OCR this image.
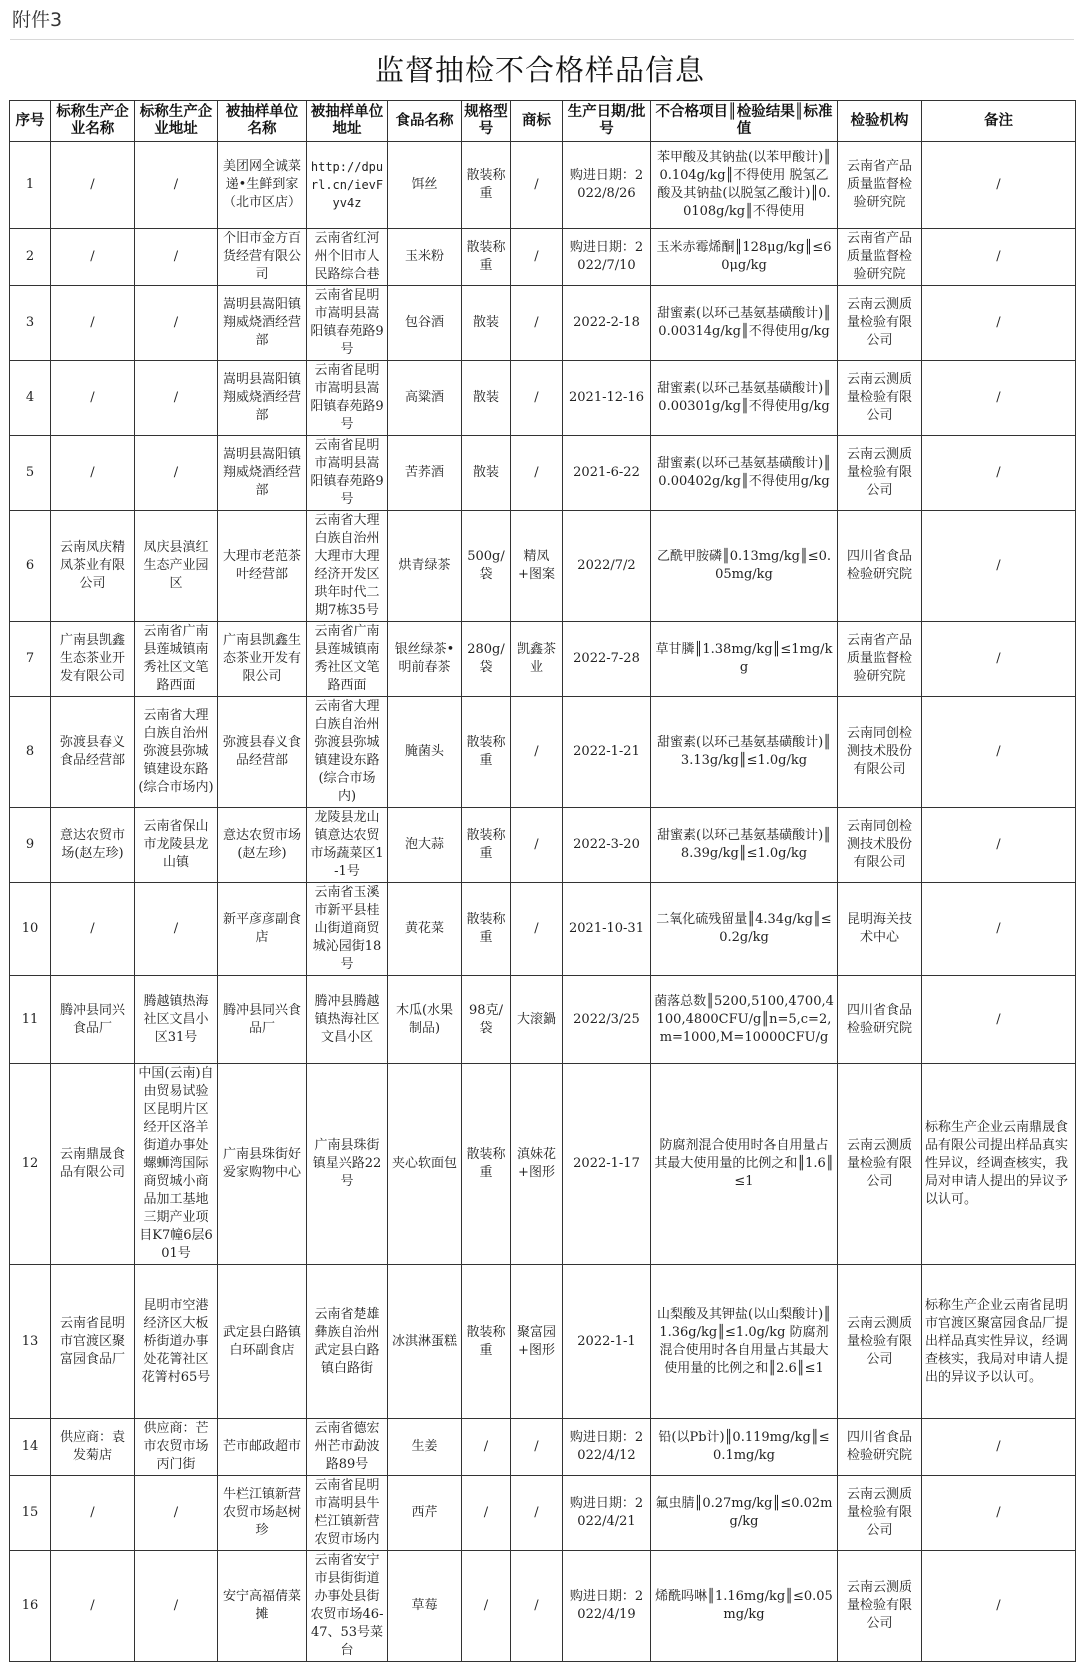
附件3
监督抽检不合格样品信息
序号	标称生产企业名称	标称生产企业地址	被抽样单位名称	被抽样单位地址	食品名称	规格型号	商标	生产日期/批号	不合格项目║检验结果║标准值	检验机构	备注
1	/	/	美团网全诚菜递•生鲜到家（北市区店）	http://dpurl.cn/ievFyv4z	饵丝	散装称重	/	购进日期：2022/8/26	苯甲酸及其钠盐(以苯甲酸计)║0.104g/kg║不得使用 脱氢乙酸及其钠盐(以脱氢乙酸计)║0.0108g/kg║不得使用	云南省产品质量监督检验研究院	/
2	/	/	个旧市金方百货经营有限公司	云南省红河州个旧市人民路综合巷	玉米粉	散装称重	/	购进日期：2022/7/10	玉米赤霉烯酮║128μg/kg║≤60μg/kg	云南省产品质量监督检验研究院	/
3	/	/	嵩明县嵩阳镇翔威烧酒经营部	云南省昆明市嵩明县嵩阳镇春苑路9号	包谷酒	散装	/	2022-2-18	甜蜜素(以环己基氨基磺酸计)║0.00314g/kg║不得使用g/kg	云南云测质量检验有限公司	/
4	/	/	嵩明县嵩阳镇翔威烧酒经营部	云南省昆明市嵩明县嵩阳镇春苑路9号	高粱酒	散装	/	2021-12-16	甜蜜素(以环己基氨基磺酸计)║0.00301g/kg║不得使用g/kg	云南云测质量检验有限公司	/
5	/	/	嵩明县嵩阳镇翔威烧酒经营部	云南省昆明市嵩明县嵩阳镇春苑路9号	苦荞酒	散装	/	2021-6-22	甜蜜素(以环己基氨基磺酸计)║0.00402g/kg║不得使用g/kg	云南云测质量检验有限公司	/
6	云南凤庆精凤茶业有限公司	凤庆县滇红生态产业园区	大理市老范茶叶经营部	云南省大理白族自治州大理市大理经济开发区珙年时代二期7栋35号	烘青绿茶	500g/袋	精凤+图案	2022/7/2	乙酰甲胺磷║0.13mg/kg║≤0.05mg/kg	四川省食品检验研究院	/
7	广南县凯鑫生态茶业开发有限公司	云南省广南县莲城镇南秀社区文笔路西面	广南县凯鑫生态茶业开发有限公司	云南省广南县莲城镇南秀社区文笔路西面	银丝绿茶•明前春茶	280g/袋	凯鑫茶业	2022-7-28	草甘膦║1.38mg/kg║≤1mg/kg	云南省产品质量监督检验研究院	/
8	弥渡县春义食品经营部	云南省大理白族自治州弥渡县弥城镇建设东路(综合市场内)	弥渡县春义食品经营部	云南省大理白族自治州弥渡县弥城镇建设东路(综合市场内)	腌菌头	散装称重	/	2022-1-21	甜蜜素(以环己基氨基磺酸计)║3.13g/kg║≤1.0g/kg	云南同创检测技术股份有限公司	/
9	意达农贸市场(赵左珍)	云南省保山市龙陵县龙山镇	意达农贸市场(赵左珍)	龙陵县龙山镇意达农贸市场蔬菜区1-1号	泡大蒜	散装称重	/	2022-3-20	甜蜜素(以环己基氨基磺酸计)║8.39g/kg║≤1.0g/kg	云南同创检测技术股份有限公司	/
10	/	/	新平彦彦副食店	云南省玉溪市新平县桂山街道商贸城沁园街18号	黄花菜	散装称重	/	2021-10-31	二氧化硫残留量║4.34g/kg║≤0.2g/kg	昆明海关技术中心	/
11	腾冲县同兴食品厂	腾越镇热海社区文昌小区31号	腾冲县同兴食品厂	腾冲县腾越镇热海社区文昌小区	木瓜(水果制品)	98克/袋	大滚鍋	2022/3/25	菌落总数║5200,5100,4700,4100,4800CFU/g║n=5,c=2,m=1000,M=10000CFU/g	四川省食品检验研究院	/
12	云南鼎晟食品有限公司	中国(云南)自由贸易试验区昆明片区经开区洛羊街道办事处螺蛳湾国际商贸城小商品加工基地三期产业项目K7幢6层601号	广南县珠街好爱家购物中心	广南县珠街镇星兴路22号	夹心软面包	散装称重	滇妹花+图形	2022-1-17	防腐剂混合使用时各自用量占其最大使用量的比例之和║1.6║≤1	云南云测质量检验有限公司	标称生产企业云南鼎晟食品有限公司提出样品真实性异议，经调查核实，我局对申请人提出的异议予以认可。
13	云南省昆明市官渡区聚富园食品厂	昆明市空港经济区大板桥街道办事处花箐社区花箐村65号	武定县白路镇白环副食店	云南省楚雄彝族自治州武定县白路镇白路街	冰淇淋蛋糕	散装称重	聚富园+图形	2022-1-1	山梨酸及其钾盐(以山梨酸计)║1.36g/kg║≤1.0g/kg 防腐剂混合使用时各自用量占其最大使用量的比例之和║2.6║≤1	云南云测质量检验有限公司	标称生产企业云南省昆明市官渡区聚富园食品厂提出样品真实性异议，经调查核实，我局对申请人提出的异议予以认可。
14	供应商：袁发菊店	供应商：芒市农贸市场丙门街	芒市邮政超市	云南省德宏州芒市勐波路89号	生姜	/	/	购进日期：2022/4/12	铅(以Pb计)║0.119mg/kg║≤0.1mg/kg	四川省食品检验研究院	/
15	/	/	牛栏江镇新营农贸市场赵树珍	云南省昆明市嵩明县牛栏江镇新营农贸市场内	西芹	/	/	购进日期：2022/4/21	氟虫腈║0.27mg/kg║≤0.02mg/kg	云南云测质量检验有限公司	/
16	/	/	安宁高福倩菜摊	云南省安宁市县街街道办事处县街农贸市场46-47、53号菜台	草莓	/	/	购进日期：2022/4/19	烯酰吗啉║1.16mg/kg║≤0.05mg/kg	云南云测质量检验有限公司	/
